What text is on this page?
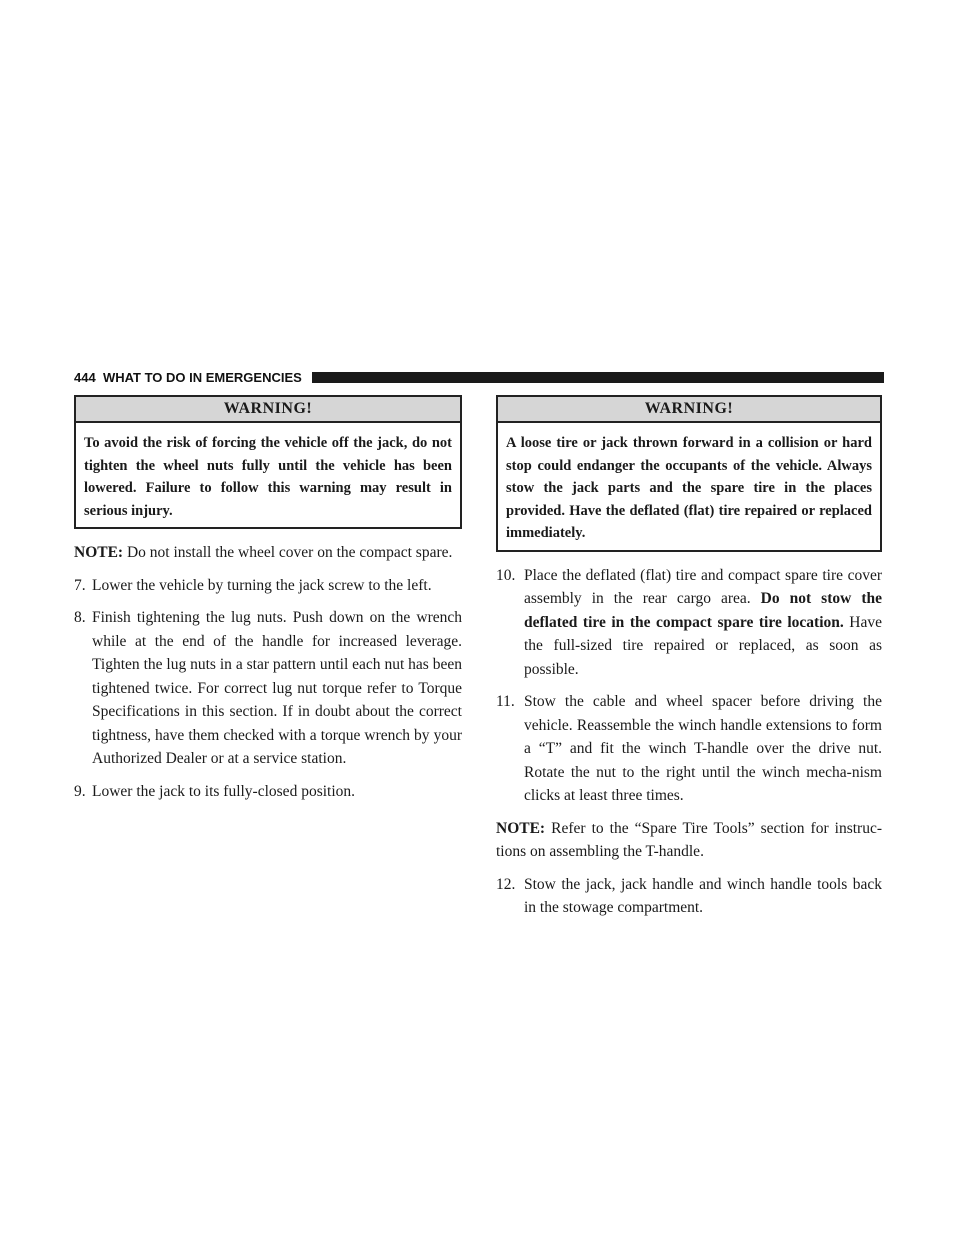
444 WHAT TO DO IN EMERGENCIES
WARNING!
To avoid the risk of forcing the vehicle off the jack, do not tighten the wheel nuts fully until the vehicle has been lowered. Failure to follow this warning may result in serious injury.

NOTE: Do not install the wheel cover on the compact spare.

7. Lower the vehicle by turning the jack screw to the left.
8. Finish tightening the lug nuts. Push down on the wrench while at the end of the handle for increased leverage. Tighten the lug nuts in a star pattern until each nut has been tightened twice. For correct lug nut torque refer to Torque Specifications in this section. If in doubt about the correct tightness, have them checked with a torque wrench by your Authorized Dealer or at a service station.
9. Lower the jack to its fully-closed position.
WARNING!
A loose tire or jack thrown forward in a collision or hard stop could endanger the occupants of the vehicle. Always stow the jack parts and the spare tire in the places provided. Have the deflated (flat) tire repaired or replaced immediately.
10. Place the deflated (flat) tire and compact spare tire cover assembly in the rear cargo area. Do not stow the deflated tire in the compact spare tire location. Have the full-sized tire repaired or replaced, as soon as possible.
11. Stow the cable and wheel spacer before driving the vehicle. Reassemble the winch handle extensions to form a “T” and fit the winch T-handle over the drive nut. Rotate the nut to the right until the winch mecha-nism clicks at least three times.

NOTE: Refer to the “Spare Tire Tools” section for instruc-tions on assembling the T-handle.

12. Stow the jack, jack handle and winch handle tools back in the stowage compartment.
